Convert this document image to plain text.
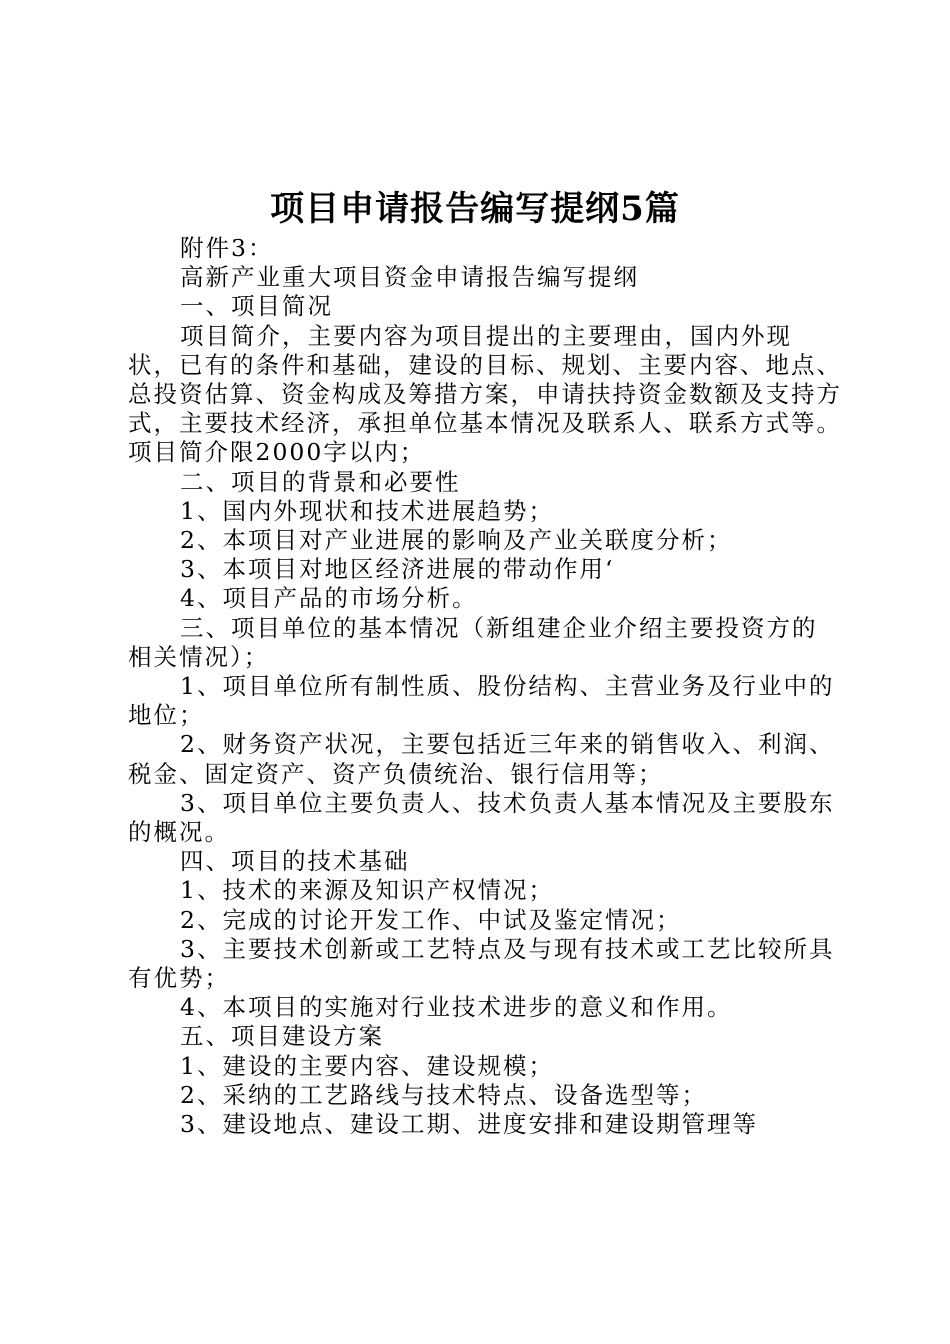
项目申请报告编写提纲5篇

附件3：

高新产业重大项目资金申请报告编写提纲

一、项目简况

项目简介，主要内容为项目提出的主要理由，国内外现状，已有的条件和基础，建设的目标、规划、主要内容、地点、总投资估算、资金构成及筹措方案，申请扶持资金数额及支持方式，主要技术经济，承担单位基本情况及联系人、联系方式等。项目简介限2000字以内；

二、项目的背景和必要性

1、国内外现状和技术进展趋势；

2、本项目对产业进展的影响及产业关联度分析；

3、本项目对地区经济进展的带动作用‘

4、项目产品的市场分析。

三、项目单位的基本情况（新组建企业介绍主要投资方的相关情况）；

1、项目单位所有制性质、股份结构、主营业务及行业中的地位；

2、财务资产状况，主要包括近三年来的销售收入、利润、税金、固定资产、资产负债统治、银行信用等；

3、项目单位主要负责人、技术负责人基本情况及主要股东的概况。

四、项目的技术基础

1、技术的来源及知识产权情况；

2、完成的讨论开发工作、中试及鉴定情况；

3、主要技术创新或工艺特点及与现有技术或工艺比较所具有优势；

4、本项目的实施对行业技术进步的意义和作用。

五、项目建设方案

1、建设的主要内容、建设规模；

2、采纳的工艺路线与技术特点、设备选型等；

3、建设地点、建设工期、进度安排和建设期管理等
